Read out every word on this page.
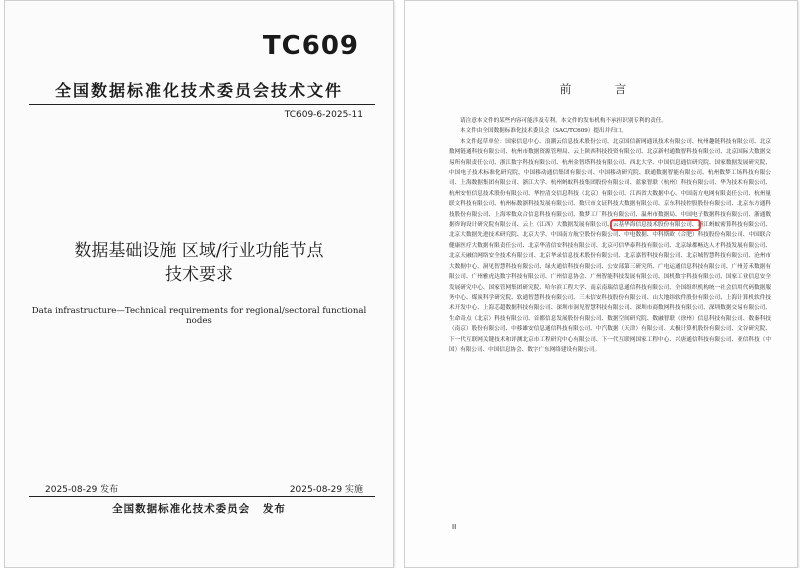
TC609
全国数据标准化技术委员会技术文件
TC609-6-2025-11
数据基础设施 区域/行业功能节点
技术要求
Data infrastructure—Technical requirements for regional/sectoral functional nodes
2025-08-29 发布	2025-08-29 实施
全国数据标准化技术委员会 发布
前　言

请注意本文件的某些内容可能涉及专利。本文件的发布机构不承担识别专利的责任。

本文件由全国数据标准化技术委员会（SAC/TC609）提出并归口。

本文件起草单位：国家信息中心、浪潮云信息技术股份公司、北京国信新网通讯技术有限公司、杭州趣链科技有限公司、北京数网链通科技有限公司、杭州市数据资源管理局、云上陕西科技投资有限公司、北京新村通数智科技有限公司、北京国际大数据交易所有限责任公司、浙江数字科技有限公司、杭州金智塔科技有限公司、西北大学、中国信息通信研究院、国家数据发展研究院、中国电子技术标准化研究院、中国移动通信集团有限公司、中国移动研究院、联通数据智能有限公司、杭州数梦工场科技有限公司、上海数据集团有限公司、浙江大学、杭州蚂蚁科技集团股份有限公司、蓝象智联（杭州）科技有限公司、华为技术有限公司、杭州安恒信息技术股份有限公司、华控清交信息科技（北京）有限公司、江西省大数据中心、中国南方电网有限责任公司、杭州量联文科技有限公司、杭州标数浙科技发展有限公司、数只市文证科技大数据有限公司、京东科技控股股份有限公司、北京东方通科技股份有限公司、上海零数众合信息科技有限公司、数梦工厂科技有限公司、温州市数据局、中国电子数据科技有限公司、浙通数据咨询设计研究院有限公司、云上（江西）大数据发展有限公司、云基华海信息技术股份有限公司、浙江蚂蚁密算科技有限公司、北京大数据先进技术研究院、北京大学、中国南方航空股份有限公司、中电数据、中科斯欧（合肥）科技股份有限公司、中国联合健康医疗大数据有限责任公司、北京华清信安科技有限公司、北京可信华泰科技有限公司、北京绿都畅达人才科技发展有限公司、北京天融信网络安全技术有限公司、北京华录信息技术股份有限公司、北京嘉智科技有限公司、北京城智慧科技有限公司、沧州市大数据中心、洞见智慧科技有限公司、绿火通信科技有限公司、公安部第三研究所、广电运通信息科技有限公司、广州芳禾数据有限公司、广州雅虎达数字科技有限公司、广州信息协会、广州智能科技发展有限公司、国机数字科技有限公司、国家工业信息安全发展研究中心、国家管网集团研究院、哈尔滨工程大学、南京南瑞信息通信科技有限公司、全国组织机构统一社会信用代码数据服务中心、煤炭科学研究院、软通智慧科技有限公司、三未信安科技股份有限公司、山大地纬软件股份有限公司、上海计算机软件技术开发中心、上海芯超数据科技有限公司、深圳市洞见智慧科技有限公司、深圳市商数网科技有限公司、深圳数据交易有限公司、生命奇点（北京）科技有限公司、首都信息发展股份有限公司、数据空间研究院、数融智联（徐州）信息科技有限公司、数秦科技（南京）股份有限公司、中移雄安信息通信科技有限公司、中汽数据（天津）有限公司、太极计算机股份有限公司、文谷研究院、下一代互联网关键技术和评测北京市工程研究中心有限公司、下一代互联网国家工程中心、兴唐通信科技有限公司、亚信科技（中国）有限公司、中国信息协会、数字广东网络建设有限公司。

II
